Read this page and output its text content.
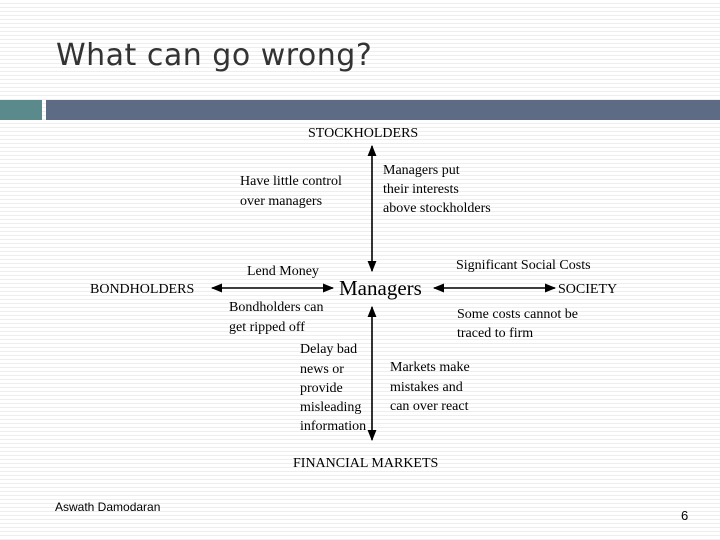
What can go wrong?
STOCKHOLDERS
Have little control
over managers
Managers put
their interests
above stockholders
Lend Money
BONDHOLDERS	Managers
Significant Social Costs
SOCIETY
Bondholders can
get ripped off
Some costs cannot be
traced to firm
Delay bad
news or
provide
misleading
information
Markets make
mistakes and
can over react
FINANCIAL MARKETS
Aswath Damodaran
6
